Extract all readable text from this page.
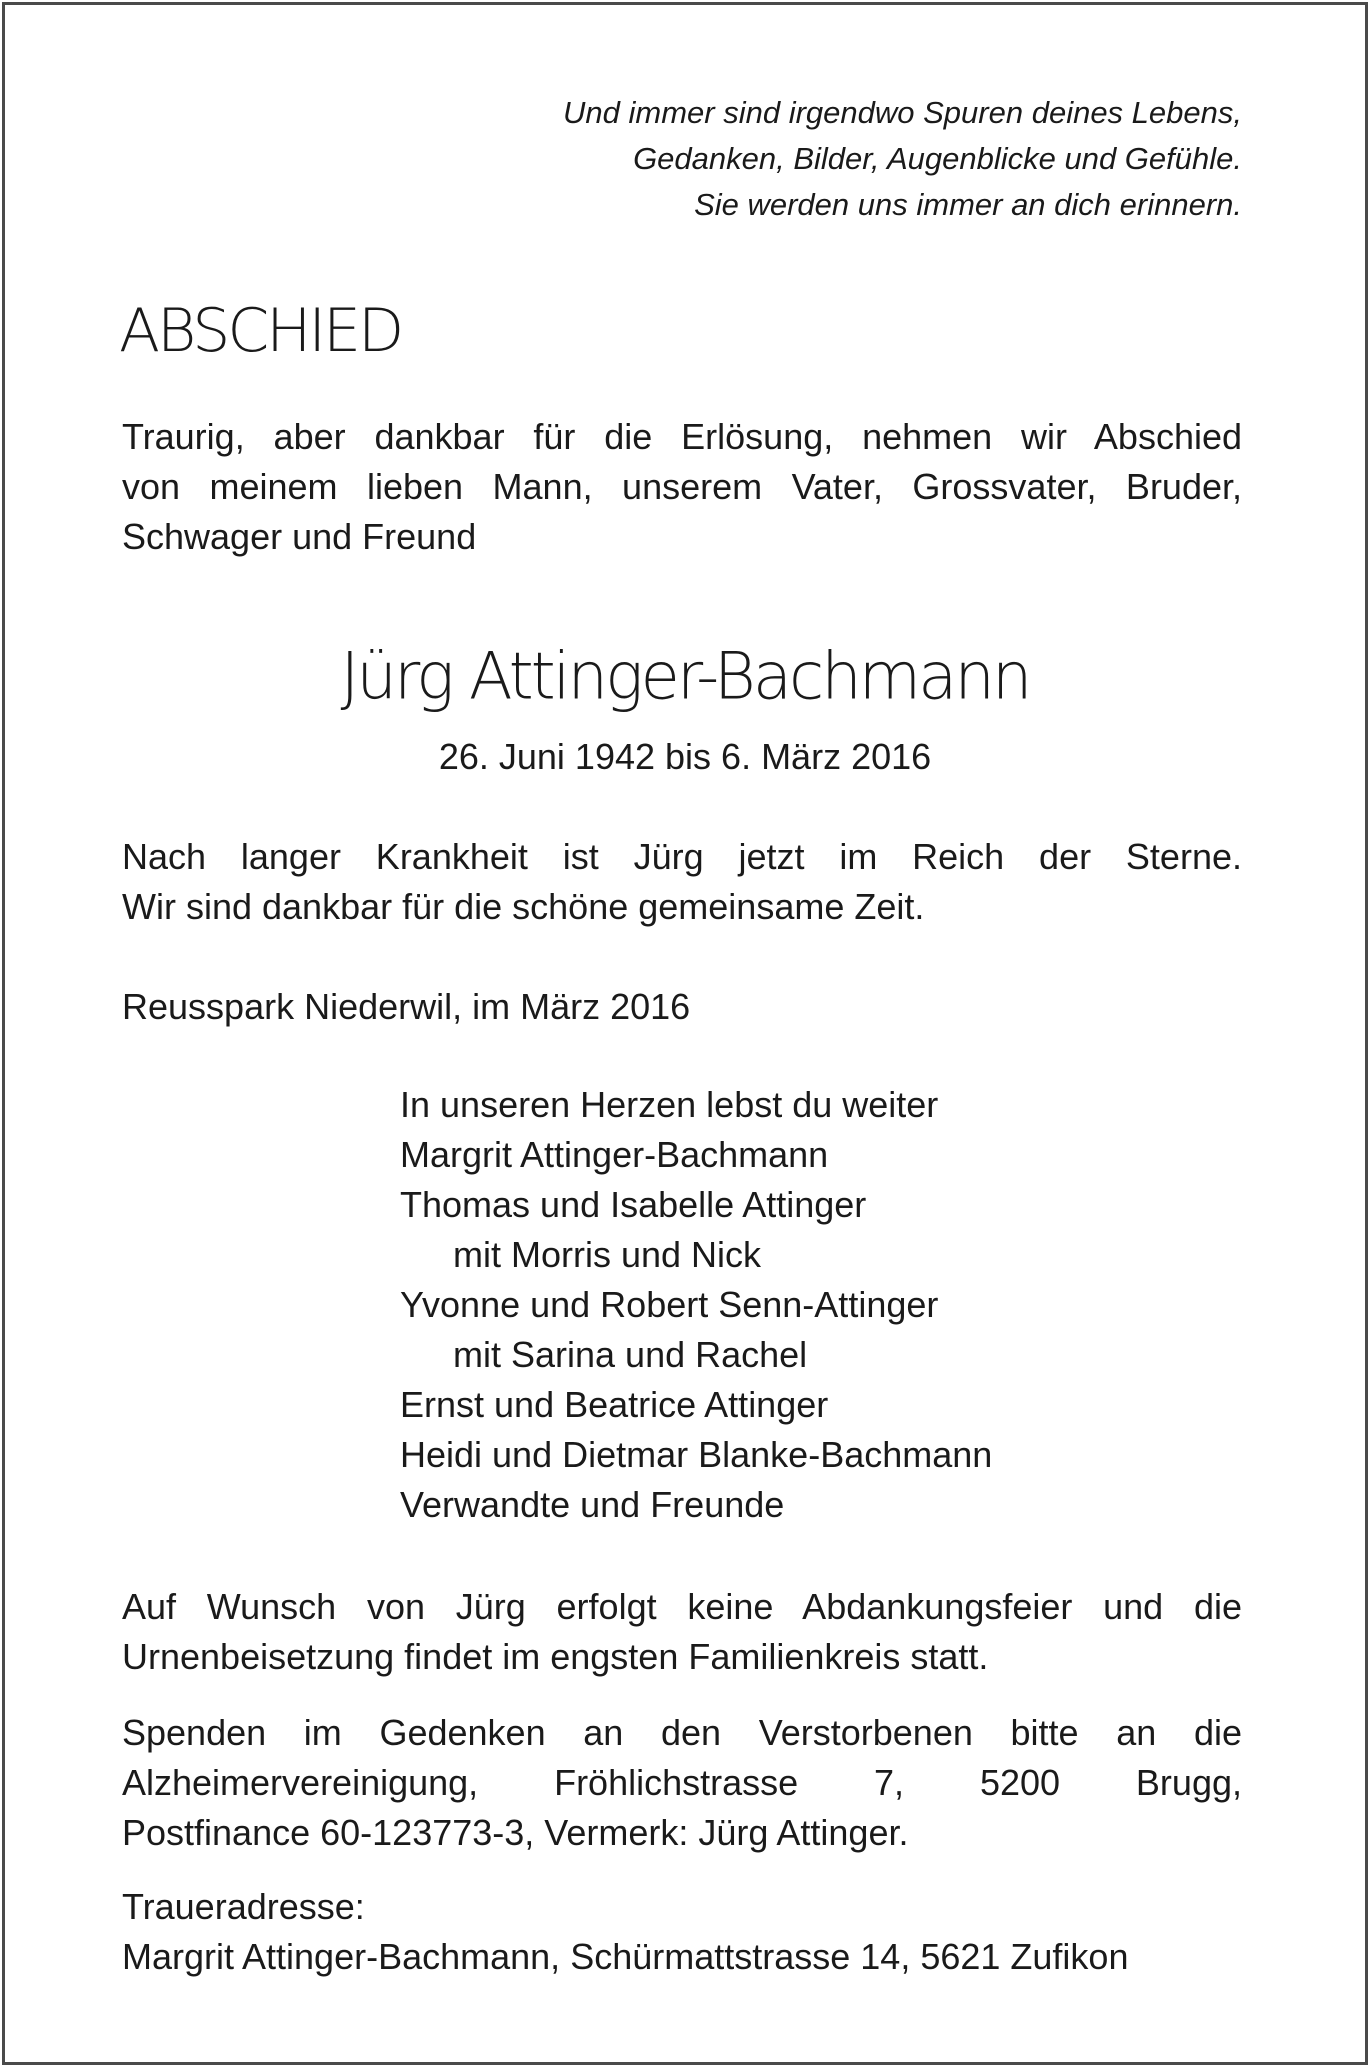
Und immer sind irgendwo Spuren deines Lebens,
Gedanken, Bilder, Augenblicke und Gefühle.
Sie werden uns immer an dich erinnern.
ABSCHIED
Traurig, aber dankbar für die Erlösung, nehmen wir Abschied
von meinem lieben Mann, unserem Vater, Grossvater, Bruder,
Schwager und Freund
Jürg Attinger-Bachmann
26. Juni 1942 bis 6. März 2016
Nach langer Krankheit ist Jürg jetzt im Reich der Sterne.
Wir sind dankbar für die schöne gemeinsame Zeit.
Reusspark Niederwil, im März 2016
In unseren Herzen lebst du weiter
Margrit Attinger-Bachmann
Thomas und Isabelle Attinger
mit Morris und Nick
Yvonne und Robert Senn-Attinger
mit Sarina und Rachel
Ernst und Beatrice Attinger
Heidi und Dietmar Blanke-Bachmann
Verwandte und Freunde
Auf Wunsch von Jürg erfolgt keine Abdankungsfeier und die
Urnenbeisetzung findet im engsten Familienkreis statt.
Spenden im Gedenken an den Verstorbenen bitte an die
Alzheimervereinigung, Fröhlichstrasse 7, 5200 Brugg,
Postfinance 60-123773-3, Vermerk: Jürg Attinger.
Traueradresse:
Margrit Attinger-Bachmann, Schürmattstrasse 14, 5621 Zufikon
